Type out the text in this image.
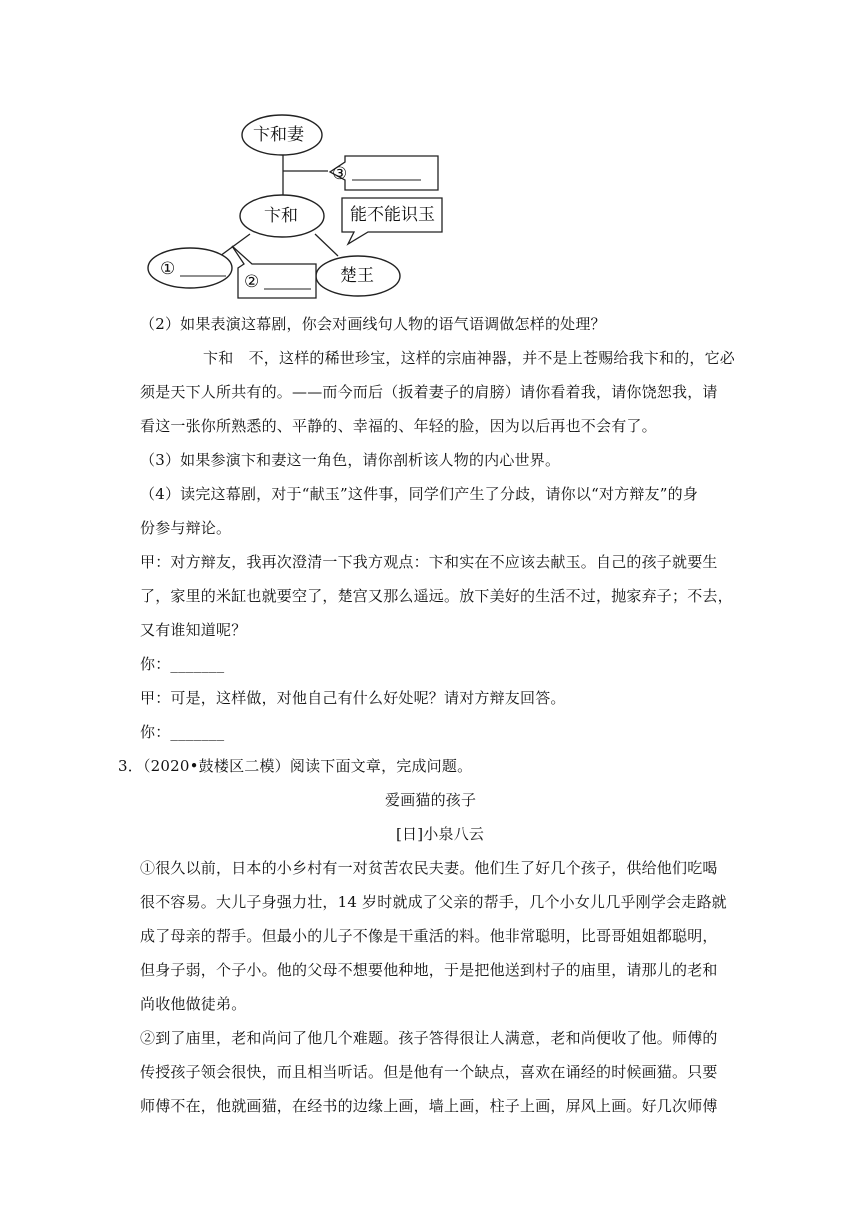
卞和妻
卞和
楚王
③
能不能识玉
②
①
（2）如果表演这幕剧，你会对画线句人物的语气语调做怎样的处理？
卞和　不，这样的稀世珍宝，这样的宗庙神器，并不是上苍赐给我卞和的，它必
须是天下人所共有的。——而今而后（扳着妻子的肩膀）请你看着我，请你饶恕我，请
看这一张你所熟悉的、平静的、幸福的、年轻的脸，因为以后再也不会有了。
（3）如果参演卞和妻这一角色，请你剖析该人物的内心世界。
（4）读完这幕剧，对于“献玉”这件事，同学们产生了分歧，请你以“对方辩友”的身
份参与辩论。
甲：对方辩友，我再次澄清一下我方观点：卞和实在不应该去献玉。自己的孩子就要生
了，家里的米缸也就要空了，楚宫又那么遥远。放下美好的生活不过，抛家弃子；不去，
又有谁知道呢？
你：_______
甲：可是，这样做，对他自己有什么好处呢？请对方辩友回答。
你：_______
3．（2020•鼓楼区二模）阅读下面文章，完成问题。
爱画猫的孩子
[日]小泉八云
①很久以前，日本的小乡村有一对贫苦农民夫妻。他们生了好几个孩子，供给他们吃喝
很不容易。大儿子身强力壮，14 岁时就成了父亲的帮手，几个小女儿几乎刚学会走路就
成了母亲的帮手。但最小的儿子不像是干重活的料。他非常聪明，比哥哥姐姐都聪明，
但身子弱，个子小。他的父母不想要他种地，于是把他送到村子的庙里，请那儿的老和
尚收他做徒弟。
②到了庙里，老和尚问了他几个难题。孩子答得很让人满意，老和尚便收了他。师傅的
传授孩子领会很快，而且相当听话。但是他有一个缺点，喜欢在诵经的时候画猫。只要
师傅不在，他就画猫，在经书的边缘上画，墙上画，柱子上画，屏风上画。好几次师傅
